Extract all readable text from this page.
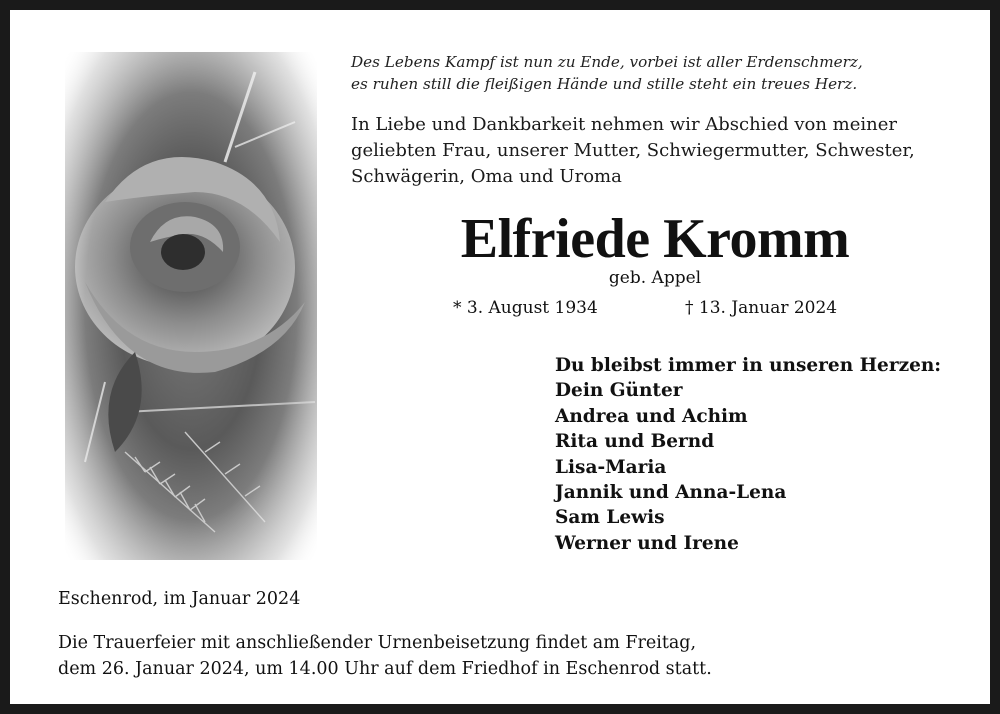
Des Lebens Kampf ist nun zu Ende, vorbei ist aller Erdenschmerz,
es ruhen still die fleißigen Hände und stille steht ein treues Herz.
In Liebe und Dankbarkeit nehmen wir Abschied von meiner
geliebten Frau, unserer Mutter, Schwiegermutter, Schwester,
Schwägerin, Oma und Uroma
Elfriede Kromm
geb. Appel
* 3. August 1934	† 13. Januar 2024
Du bleibst immer in unseren Herzen:
Dein Günter
Andrea und Achim
Rita und Bernd
Lisa-Maria
Jannik und Anna-Lena
Sam Lewis
Werner und Irene
Eschenrod, im Januar 2024
Die Trauerfeier mit anschließender Urnenbeisetzung findet am Freitag,
dem 26. Januar 2024, um 14.00 Uhr auf dem Friedhof in Eschenrod statt.
